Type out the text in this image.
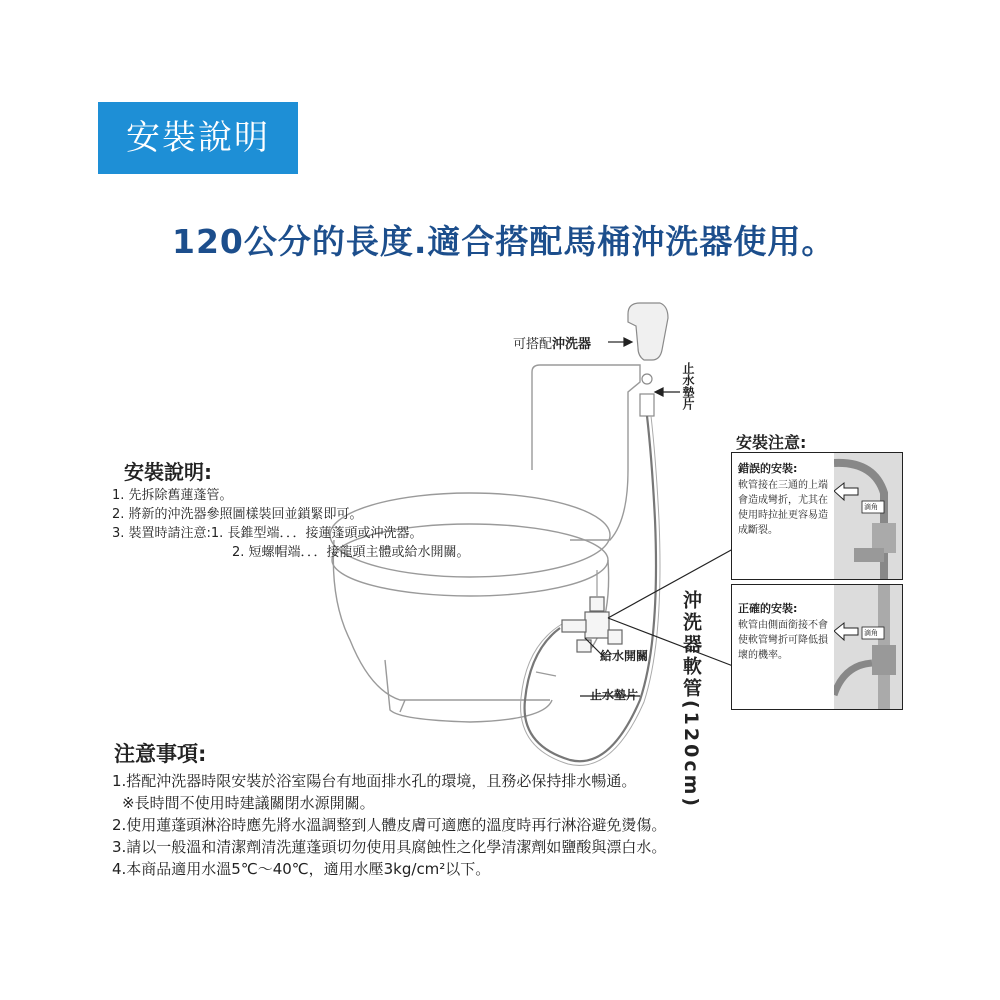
安裝說明
120公分的長度.適合搭配馬桶沖洗器使用。
可搭配沖洗器
止水墊片
給水開關
止水墊片 沖洗器軟管(120cm)
安裝說明:
1. 先拆除舊蓮蓬管。
2. 將新的沖洗器參照圖樣裝回並鎖緊即可。
3. 裝置時請注意:1. 長錐型端．．．接蓮蓬頭或沖洗器。
2. 短螺帽端．．．接龍頭主體或給水開關。
安裝注意:
錯誤的安裝:
軟管接在三通的上端會造成彎折，尤其在使用時拉扯更容易造成斷裂。
滴角
正確的安裝:
軟管由側面銜接不會使軟管彎折可降低損壞的機率。
滴角
注意事項:
1.搭配沖洗器時限安裝於浴室陽台有地面排水孔的環境，且務必保持排水暢通。
※長時間不使用時建議關閉水源開關。
2.使用蓮蓬頭淋浴時應先將水溫調整到人體皮膚可適應的溫度時再行淋浴避免燙傷。
3.請以一般溫和清潔劑清洗蓮蓬頭切勿使用具腐蝕性之化學清潔劑如鹽酸與漂白水。
4.本商品適用水溫5℃～40℃，適用水壓3kg/cm²以下。
